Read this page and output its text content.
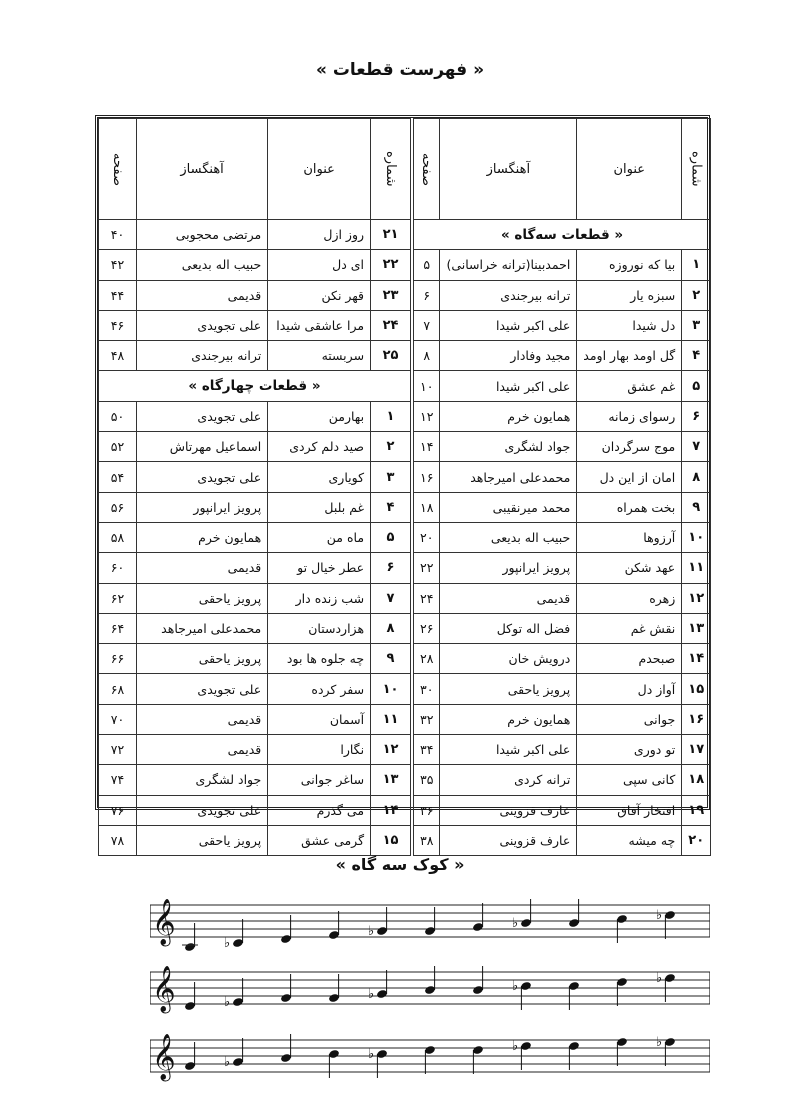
« فهرست قطعات »
شماره	عنوان	آهنگساز	صفحه
« قطعات سه‌گاه »			
۱	بیا که نوروزه	احمدبینا(ترانه خراسانی)	۵
۲	سبزه یار	ترانه بیرجندی	۶
۳	دل شیدا	علی اکبر شیدا	۷
۴	گل اومد بهار اومد	مجید وفادار	۸
۵	غم عشق	علی اکبر شیدا	۱۰
۶	رسوای زمانه	همایون خرم	۱۲
۷	موج سرگردان	جواد لشگری	۱۴
۸	امان از این دل	محمدعلی امیرجاهد	۱۶
۹	بخت همراه	محمد میرنقیبی	۱۸
۱۰	آرزوها	حبیب اله بدیعی	۲۰
۱۱	عهد شکن	پرویز ایرانپور	۲۲
۱۲	زهره	قدیمی	۲۴
۱۳	نقش غم	فضل اله توکل	۲۶
۱۴	صبحدم	درویش خان	۲۸
۱۵	آواز دل	پرویز یاحقی	۳۰
۱۶	جوانی	همایون خرم	۳۲
۱۷	تو دوری	علی اکبر شیدا	۳۴
۱۸	کانی سپی	ترانه کردی	۳۵
۱۹	افتخار آفاق	عارف قزوینی	۳۶
۲۰	چه میشه	عارف قزوینی	۳۸
شماره	عنوان	آهنگساز	صفحه
۲۱	روز ازل	مرتضی محجوبی	۴۰
۲۲	ای دل	حبیب اله بدیعی	۴۲
۲۳	قهر نکن	قدیمی	۴۴
۲۴	مرا عاشقی شیدا	علی تجویدی	۴۶
۲۵	سربسته	ترانه بیرجندی	۴۸
« قطعات چهارگاه »			
۱	بهارمن	علی تجویدی	۵۰
۲	صید دلم کردی	اسماعیل مهرتاش	۵۲
۳	کویاری	علی تجویدی	۵۴
۴	غم بلبل	پرویز ایرانپور	۵۶
۵	ماه من	همایون خرم	۵۸
۶	عطر خیال تو	قدیمی	۶۰
۷	شب زنده دار	پرویز یاحقی	۶۲
۸	هزاردستان	محمدعلی امیرجاهد	۶۴
۹	چه جلوه ها بود	پرویز یاحقی	۶۶
۱۰	سفر کرده	علی تجویدی	۶۸
۱۱	آسمان	قدیمی	۷۰
۱۲	نگارا	قدیمی	۷۲
۱۳	ساغر جوانی	جواد لشگری	۷۴
۱۴	می گذرم	علی تجویدی	۷۶
۱۵	گرمی عشق	پرویز یاحقی	۷۸
« کوک سه گاه »
𝄞	♭
♭
♭
♭
𝄞	♭
♭
♭
♭
𝄞	♭
♭
♭	♭
